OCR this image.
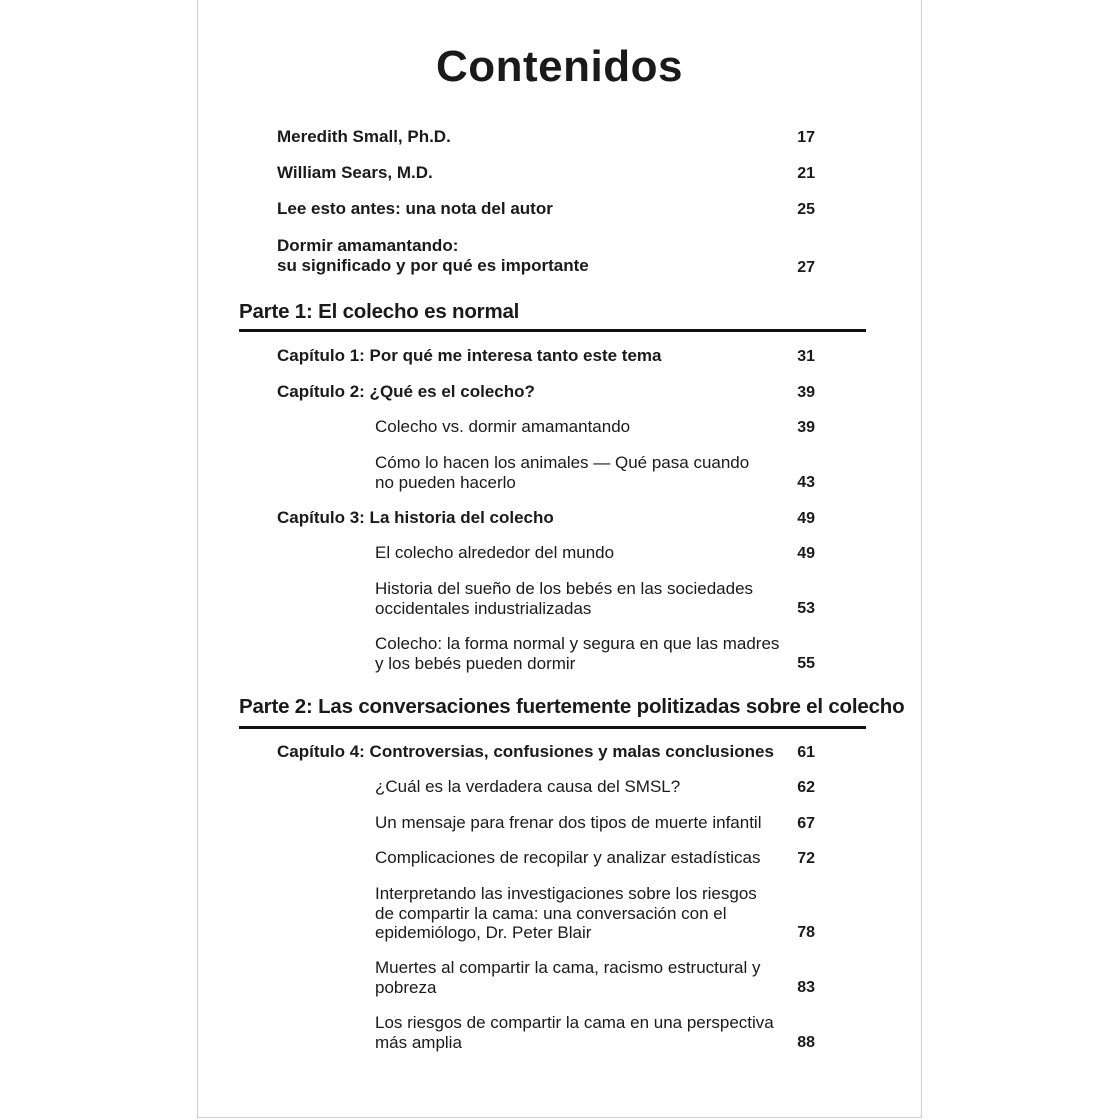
Contenidos
Meredith Small, Ph.D.	17
William Sears, M.D.	21
Lee esto antes: una nota del autor	25
Dormir amamantando:
su significado y por qué es importante	27
Parte 1: El colecho es normal
Capítulo 1: Por qué me interesa tanto este tema	31
Capítulo 2: ¿Qué es el colecho?	39
Colecho vs. dormir amamantando	39
Cómo lo hacen los animales — Qué pasa cuando
no pueden hacerlo	43
Capítulo 3: La historia del colecho	49
El colecho alrededor del mundo	49
Historia del sueño de los bebés en las sociedades
occidentales industrializadas	53
Colecho: la forma normal y segura en que las madres
y los bebés pueden dormir	55
Parte 2: Las conversaciones fuertemente politizadas sobre el colecho
Capítulo 4: Controversias, confusiones y malas conclusiones 61
¿Cuál es la verdadera causa del SMSL?	62
Un mensaje para frenar dos tipos de muerte infantil 67
Complicaciones de recopilar y analizar estadísticas 72
Interpretando las investigaciones sobre los riesgos
de compartir la cama: una conversación con el
epidemiólogo, Dr. Peter Blair	78
Muertes al compartir la cama, racismo estructural y
pobreza	83
Los riesgos de compartir la cama en una perspectiva
más amplia	88
